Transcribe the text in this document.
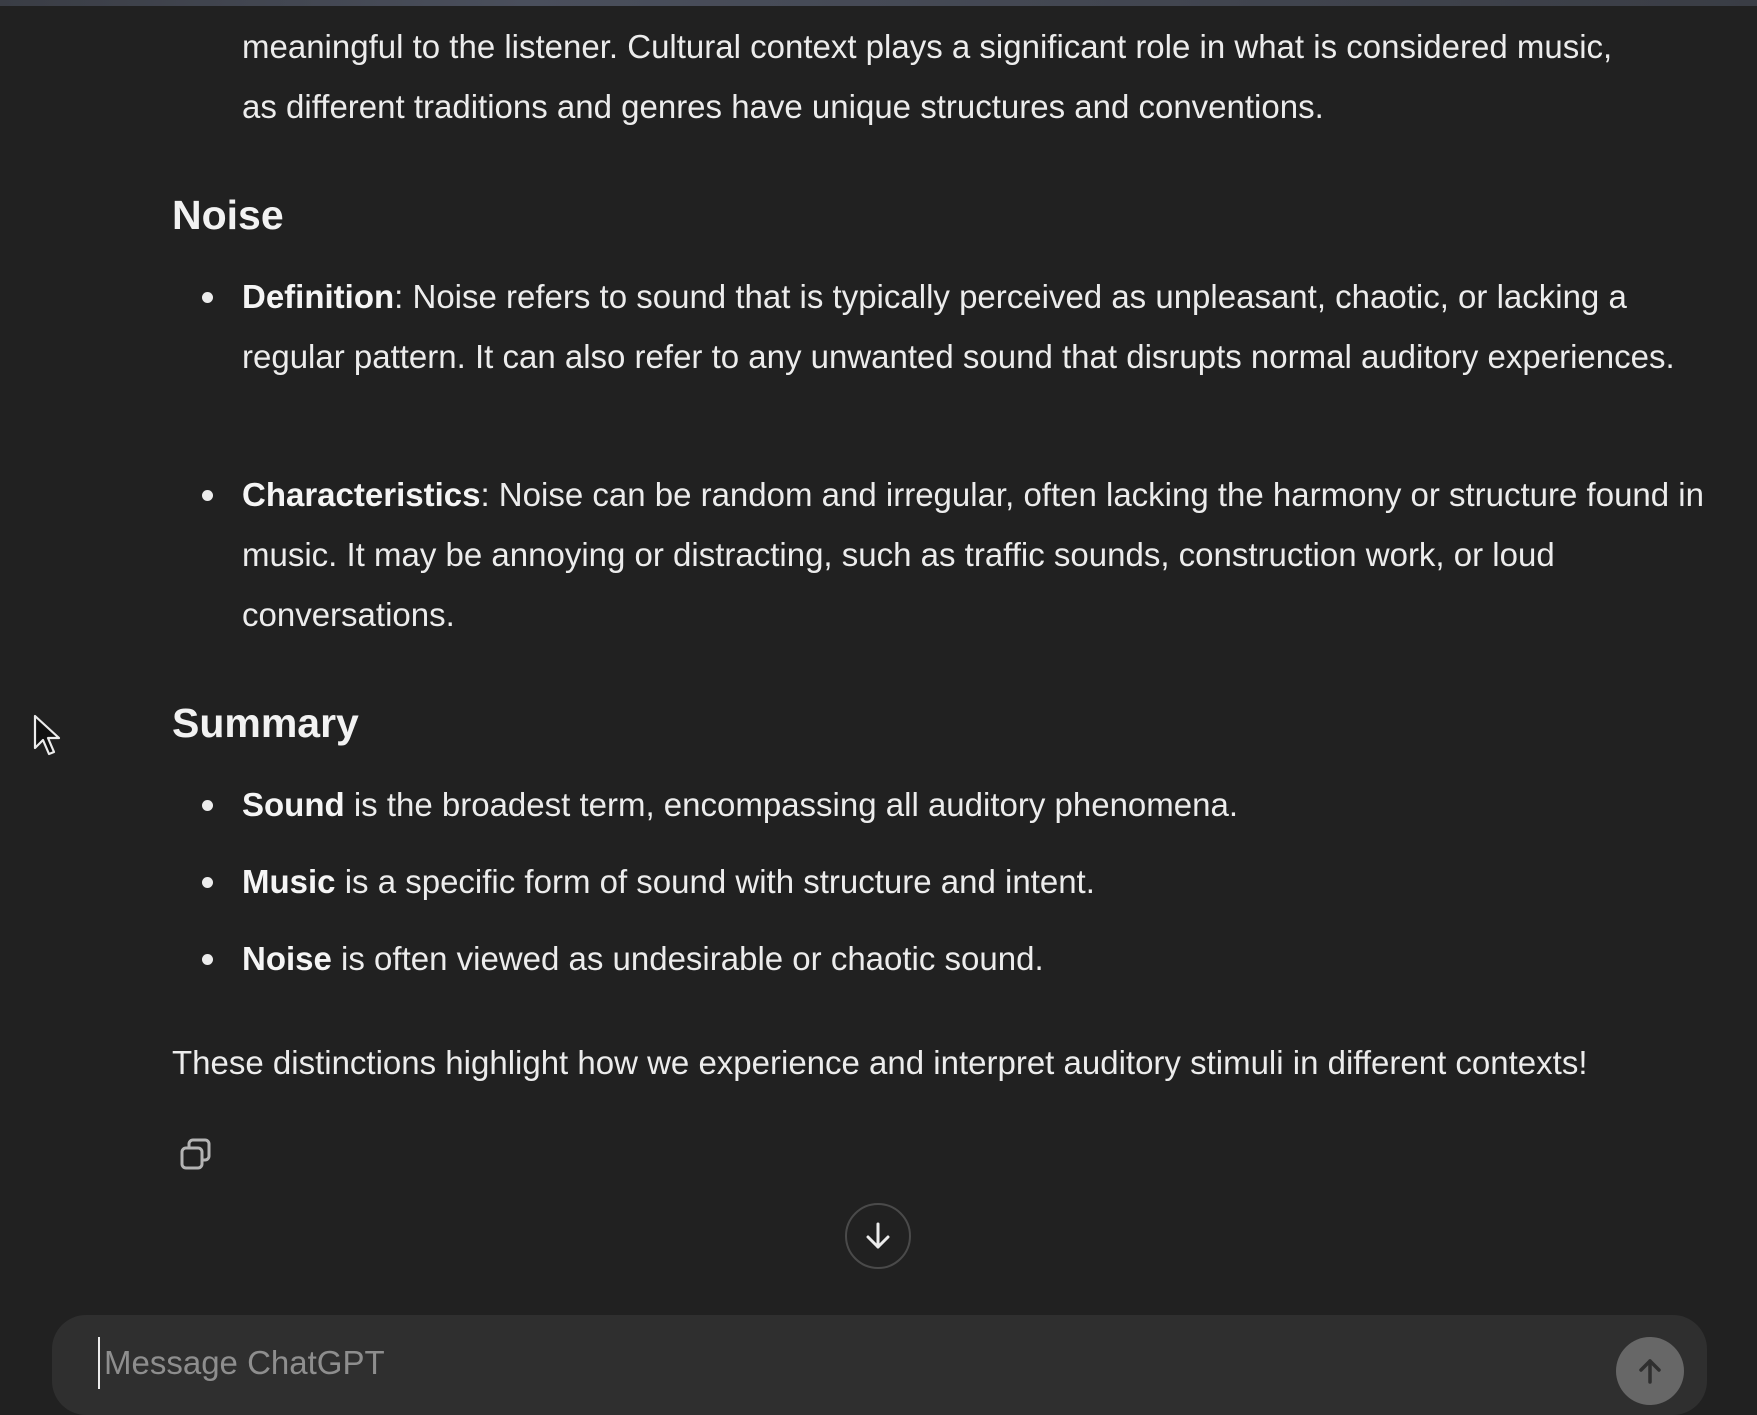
meaningful to the listener. Cultural context plays a significant role in what is considered music,

as different traditions and genres have unique structures and conventions.

Noise
Definition: Noise refers to sound that is typically perceived as unpleasant, chaotic, or lacking a regular pattern. It can also refer to any unwanted sound that disrupts normal auditory experiences.
Characteristics: Noise can be random and irregular, often lacking the harmony or structure found in music. It may be annoying or distracting, such as traffic sounds, construction work, or loud conversations.
Summary
Sound is the broadest term, encompassing all auditory phenomena.
Music is a specific form of sound with structure and intent.
Noise is often viewed as undesirable or chaotic sound.

These distinctions highlight how we experience and interpret auditory stimuli in different contexts!

Message ChatGPT
